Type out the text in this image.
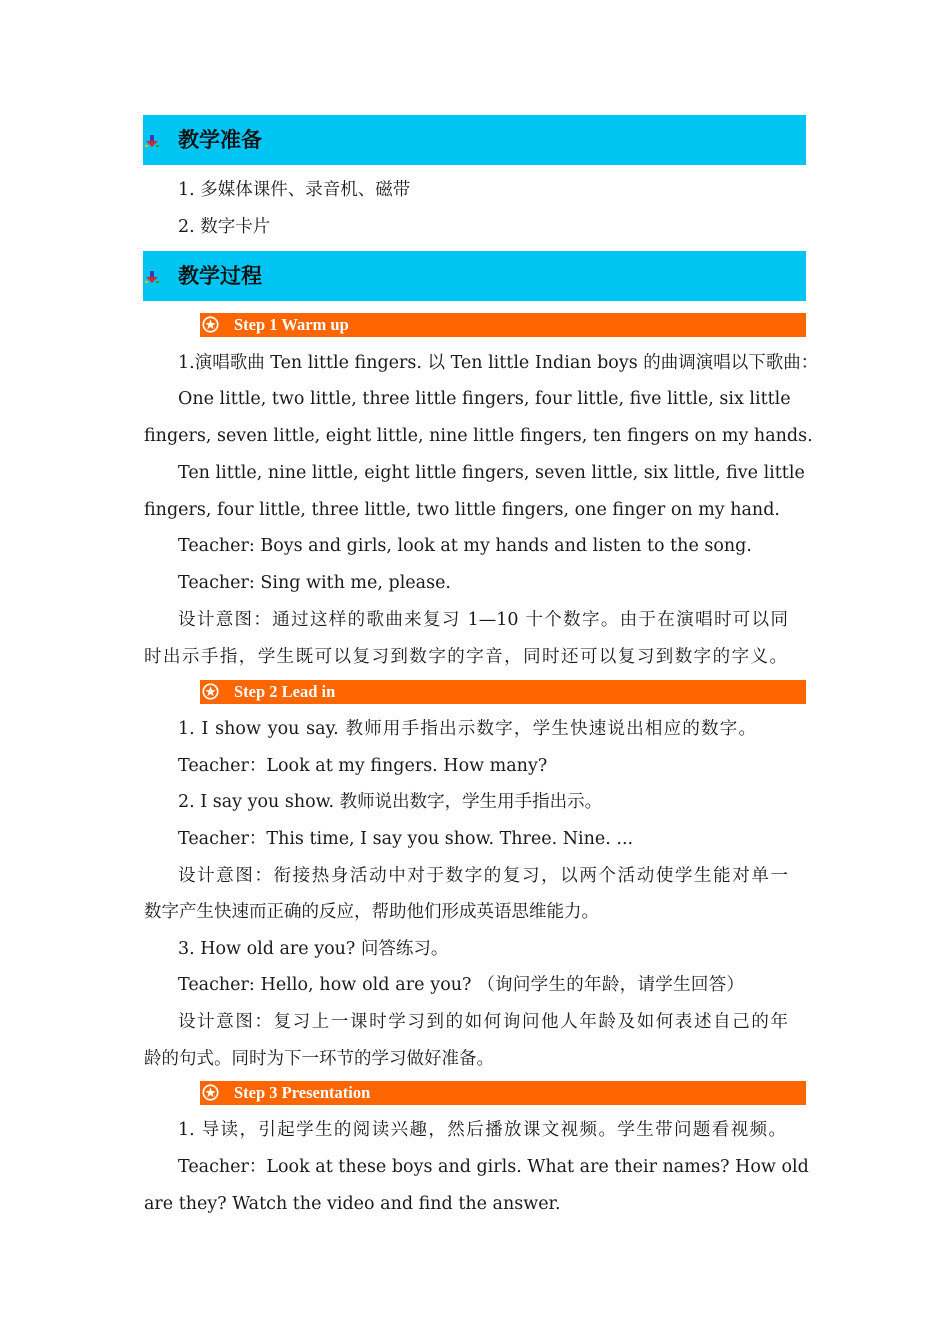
教学准备
1. 多媒体课件、录音机、磁带
2. 数字卡片
教学过程
Step 1 Warm up
1.演唱歌曲 Ten little fingers. 以 Ten little Indian boys 的曲调演唱以下歌曲：
One little, two little, three little fingers, four little, five little, six little
fingers, seven little, eight little, nine little fingers, ten fingers on my hands.
Ten little, nine little, eight little fingers, seven little, six little, five little
fingers, four little, three little, two little fingers, one finger on my hand.
Teacher: Boys and girls, look at my hands and listen to the song.
Teacher: Sing with me, please.
设计意图：通过这样的歌曲来复习 1—10 十个数字。由于在演唱时可以同
时出示手指，学生既可以复习到数字的字音，同时还可以复习到数字的字义。
Step 2 Lead in
1. I show you say. 教师用手指出示数字，学生快速说出相应的数字。
Teacher：Look at my fingers. How many?
2. I say you show. 教师说出数字，学生用手指出示。
Teacher：This time, I say you show. Three. Nine. ...
设计意图：衔接热身活动中对于数字的复习，以两个活动使学生能对单一
数字产生快速而正确的反应，帮助他们形成英语思维能力。
3. How old are you? 问答练习。
Teacher: Hello, how old are you? （询问学生的年龄，请学生回答）
设计意图：复习上一课时学习到的如何询问他人年龄及如何表述自己的年
龄的句式。同时为下一环节的学习做好准备。
Step 3 Presentation
1. 导读，引起学生的阅读兴趣，然后播放课文视频。学生带问题看视频。
Teacher：Look at these boys and girls. What are their names? How old
are they? Watch the video and find the answer.
